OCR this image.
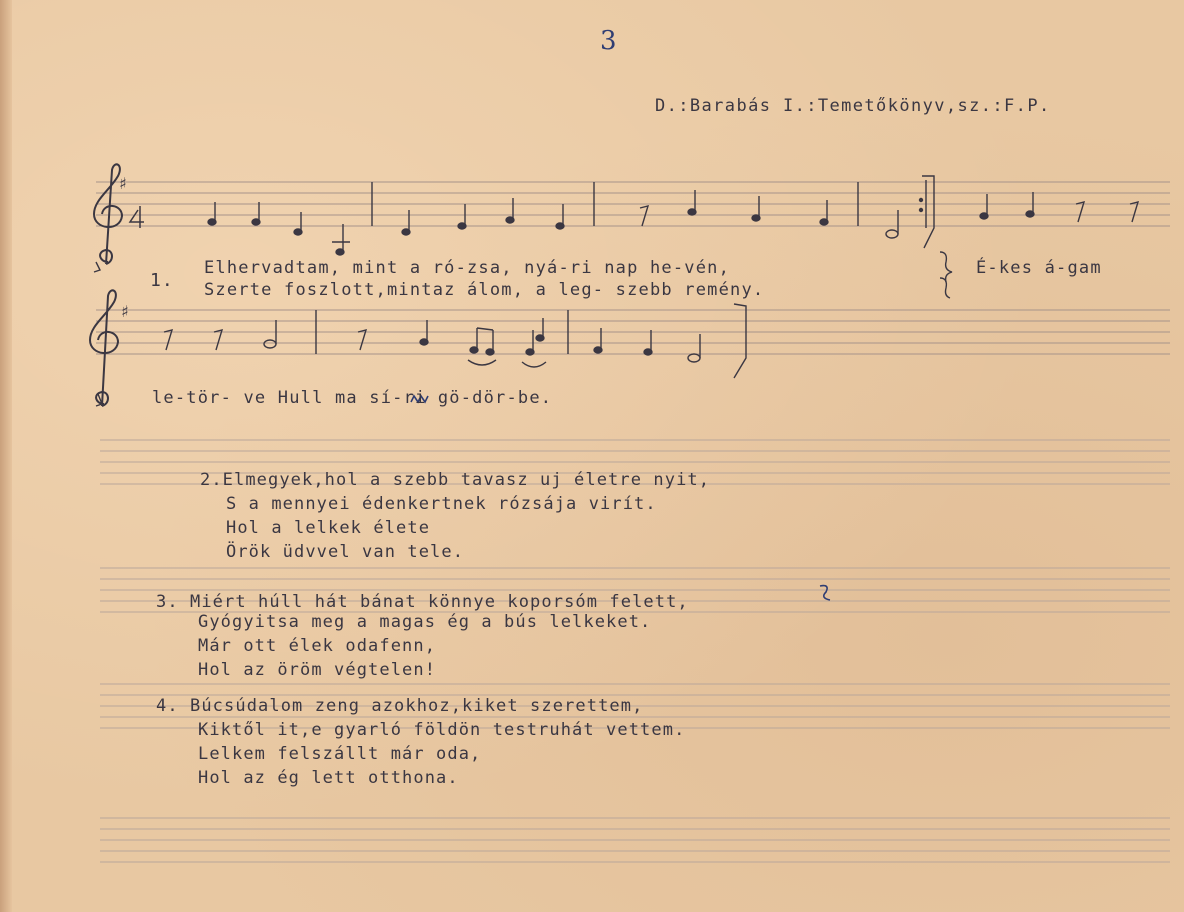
♯
♯
3
D.:Barabás I.:Temetőkönyv,sz.:F.P.
1.
Elhervadtam, mint a ró-zsa, nyá-ri nap he-vén,
Szerte foszlott,mintaz álom, a leg- szebb remény.
É-kes á-gam
le-tör- ve Hull ma sí-ri gö-dör-be.
2.Elmegyek,hol a szebb tavasz uj életre nyit,
S a mennyei édenkertnek rózsája virít.
Hol a lelkek élete
Örök üdvvel van tele.
3. Miért húll hát bánat könnye koporsóm felett,
Gyógyitsa meg a magas ég a bús lelkeket.
Már ott élek odafenn,
Hol az öröm végtelen!
4. Búcsúdalom zeng azokhoz,kiket szerettem,
Kiktől it,e gyarló földön testruhát vettem.
Lelkem felszállt már oda,
Hol az ég lett otthona.
